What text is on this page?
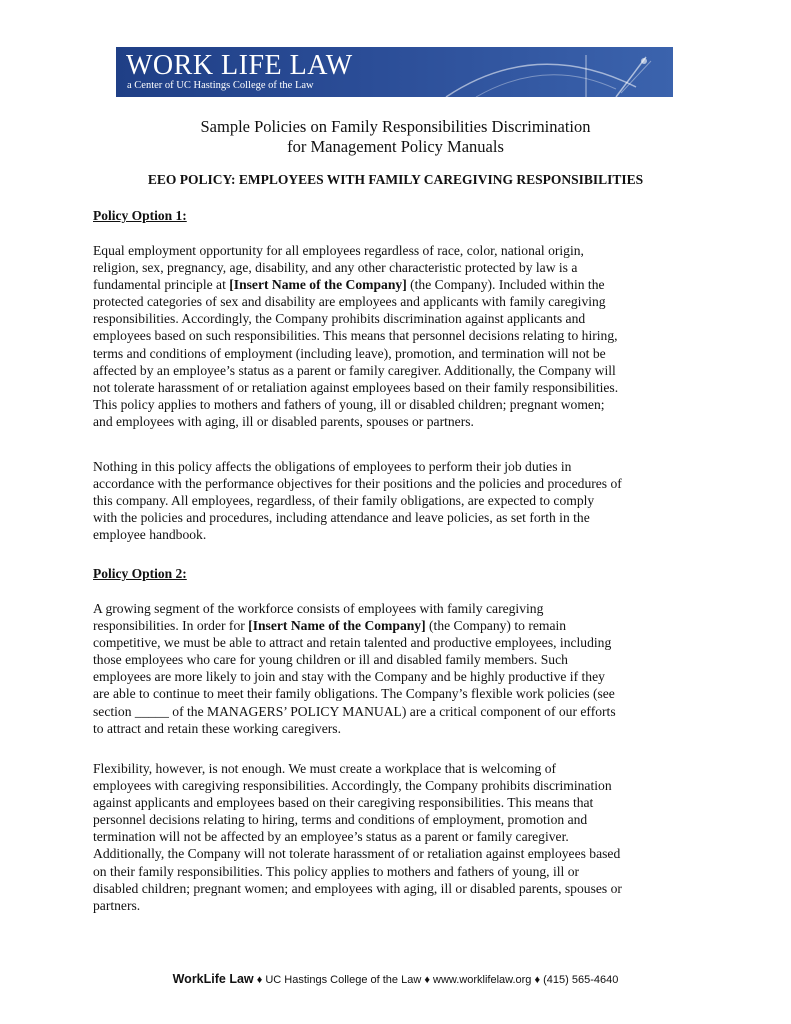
WORK LIFE LAW
a Center of UC Hastings College of the Law
Sample Policies on Family Responsibilities Discrimination
for Management Policy Manuals
EEO POLICY: EMPLOYEES WITH FAMILY CAREGIVING RESPONSIBILITIES
Policy Option 1:
Equal employment opportunity for all employees regardless of race, color, national origin,
religion, sex, pregnancy, age, disability, and any other characteristic protected by law is a
fundamental principle at [Insert Name of the Company] (the Company). Included within the
protected categories of sex and disability are employees and applicants with family caregiving
responsibilities. Accordingly, the Company prohibits discrimination against applicants and
employees based on such responsibilities. This means that personnel decisions relating to hiring,
terms and conditions of employment (including leave), promotion, and termination will not be
affected by an employee’s status as a parent or family caregiver. Additionally, the Company will
not tolerate harassment of or retaliation against employees based on their family responsibilities.
This policy applies to mothers and fathers of young, ill or disabled children; pregnant women;
and employees with aging, ill or disabled parents, spouses or partners.
Nothing in this policy affects the obligations of employees to perform their job duties in
accordance with the performance objectives for their positions and the policies and procedures of
this company. All employees, regardless, of their family obligations, are expected to comply
with the policies and procedures, including attendance and leave policies, as set forth in the
employee handbook.
Policy Option 2:
A growing segment of the workforce consists of employees with family caregiving
responsibilities. In order for [Insert Name of the Company] (the Company) to remain
competitive, we must be able to attract and retain talented and productive employees, including
those employees who care for young children or ill and disabled family members. Such
employees are more likely to join and stay with the Company and be highly productive if they
are able to continue to meet their family obligations. The Company’s flexible work policies (see
section _____ of the MANAGERS’ POLICY MANUAL) are a critical component of our efforts
to attract and retain these working caregivers.
Flexibility, however, is not enough. We must create a workplace that is welcoming of
employees with caregiving responsibilities. Accordingly, the Company prohibits discrimination
against applicants and employees based on their caregiving responsibilities. This means that
personnel decisions relating to hiring, terms and conditions of employment, promotion and
termination will not be affected by an employee’s status as a parent or family caregiver.
Additionally, the Company will not tolerate harassment of or retaliation against employees based
on their family responsibilities. This policy applies to mothers and fathers of young, ill or
disabled children; pregnant women; and employees with aging, ill or disabled parents, spouses or
partners.
WorkLife Law ♦ UC Hastings College of the Law ♦ www.worklifelaw.org ♦ (415) 565-4640
